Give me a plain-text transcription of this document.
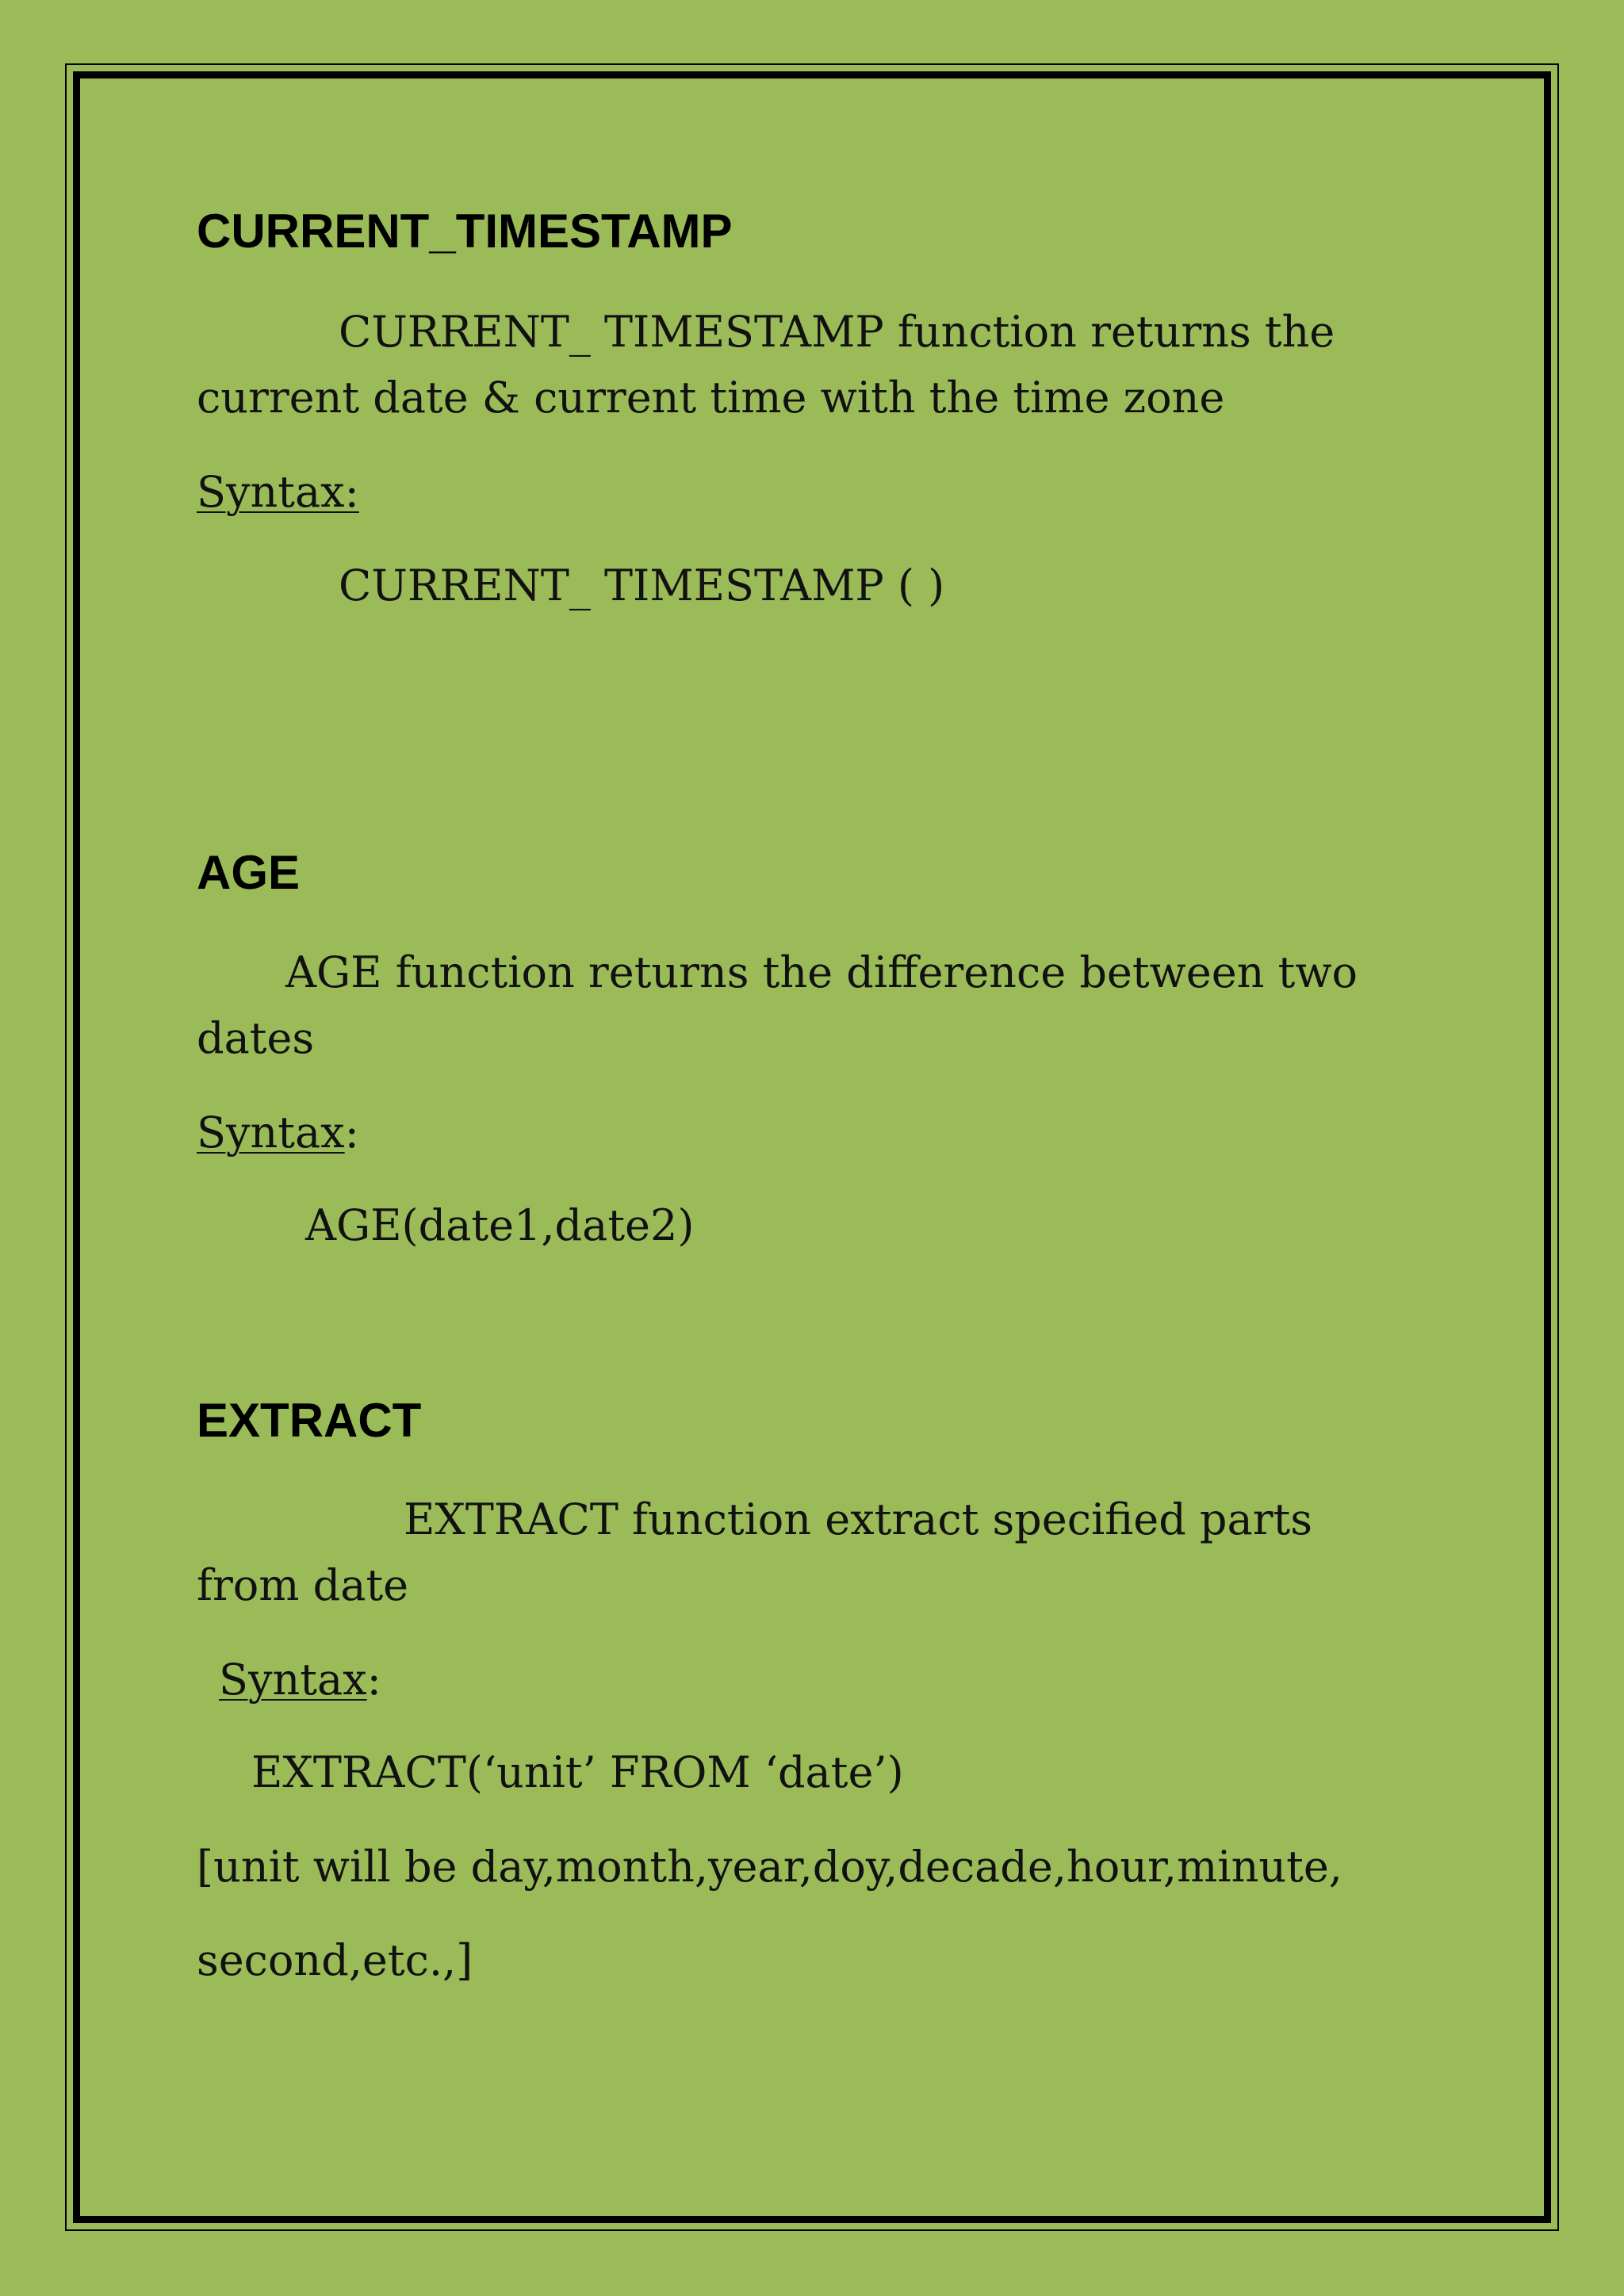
CURRENT_TIMESTAMP
CURRENT_ TIMESTAMP function returns the
current date & current time with the time zone
Syntax:
CURRENT_ TIMESTAMP ( )
AGE
AGE function returns the difference between two
dates
Syntax:
AGE(date1,date2)
EXTRACT
EXTRACT function extract specified parts
from date
Syntax:
EXTRACT(‘unit’ FROM ‘date’)
[unit will be day,month,year,doy,decade,hour,minute,
second,etc.,]
